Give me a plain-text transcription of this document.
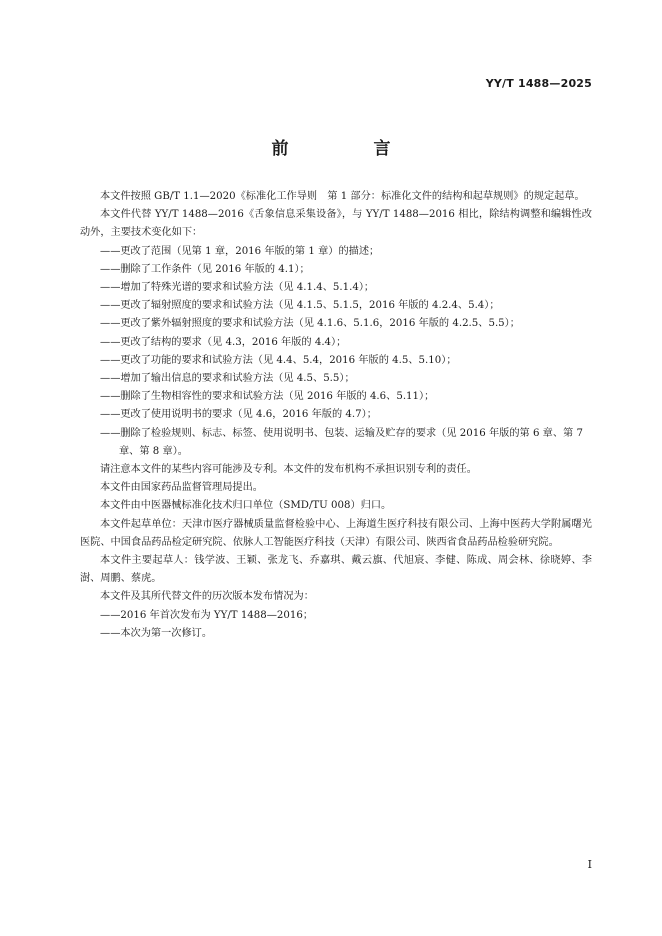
YY/T 1488—2025
前　言

本文件按照 GB/T 1.1—2020《标准化工作导则　第 1 部分：标准化文件的结构和起草规则》的规定起草。

本文件代替 YY/T 1488—2016《舌象信息采集设备》，与 YY/T 1488—2016 相比，除结构调整和编辑性改动外，主要技术变化如下：

——更改了范围（见第 1 章，2016 年版的第 1 章）的描述；

——删除了工作条件（见 2016 年版的 4.1）；

——增加了特殊光谱的要求和试验方法（见 4.1.4、5.1.4）；

——更改了辐射照度的要求和试验方法（见 4.1.5、5.1.5，2016 年版的 4.2.4、5.4）；

——更改了紫外辐射照度的要求和试验方法（见 4.1.6、5.1.6，2016 年版的 4.2.5、5.5）；

——更改了结构的要求（见 4.3，2016 年版的 4.4）；

——更改了功能的要求和试验方法（见 4.4、5.4，2016 年版的 4.5、5.10）；

——增加了输出信息的要求和试验方法（见 4.5、5.5）；

——删除了生物相容性的要求和试验方法（见 2016 年版的 4.6、5.11）；

——更改了使用说明书的要求（见 4.6，2016 年版的 4.7）；

——删除了检验规则、标志、标签、使用说明书、包装、运输及贮存的要求（见 2016 年版的第 6 章、第 7 章、第 8 章）。

请注意本文件的某些内容可能涉及专利。本文件的发布机构不承担识别专利的责任。

本文件由国家药品监督管理局提出。

本文件由中医器械标准化技术归口单位（SMD/TU 008）归口。

本文件起草单位：天津市医疗器械质量监督检验中心、上海道生医疗科技有限公司、上海中医药大学附属曙光医院、中国食品药品检定研究院、依脉人工智能医疗科技（天津）有限公司、陕西省食品药品检验研究院。

本文件主要起草人：钱学波、王颖、张龙飞、乔嘉琪、戴云旗、代旭宸、李健、陈成、周会林、徐晓婷、李澍、周鹏、蔡虎。

本文件及其所代替文件的历次版本发布情况为：

——2016 年首次发布为 YY/T 1488—2016；

——本次为第一次修订。

I
